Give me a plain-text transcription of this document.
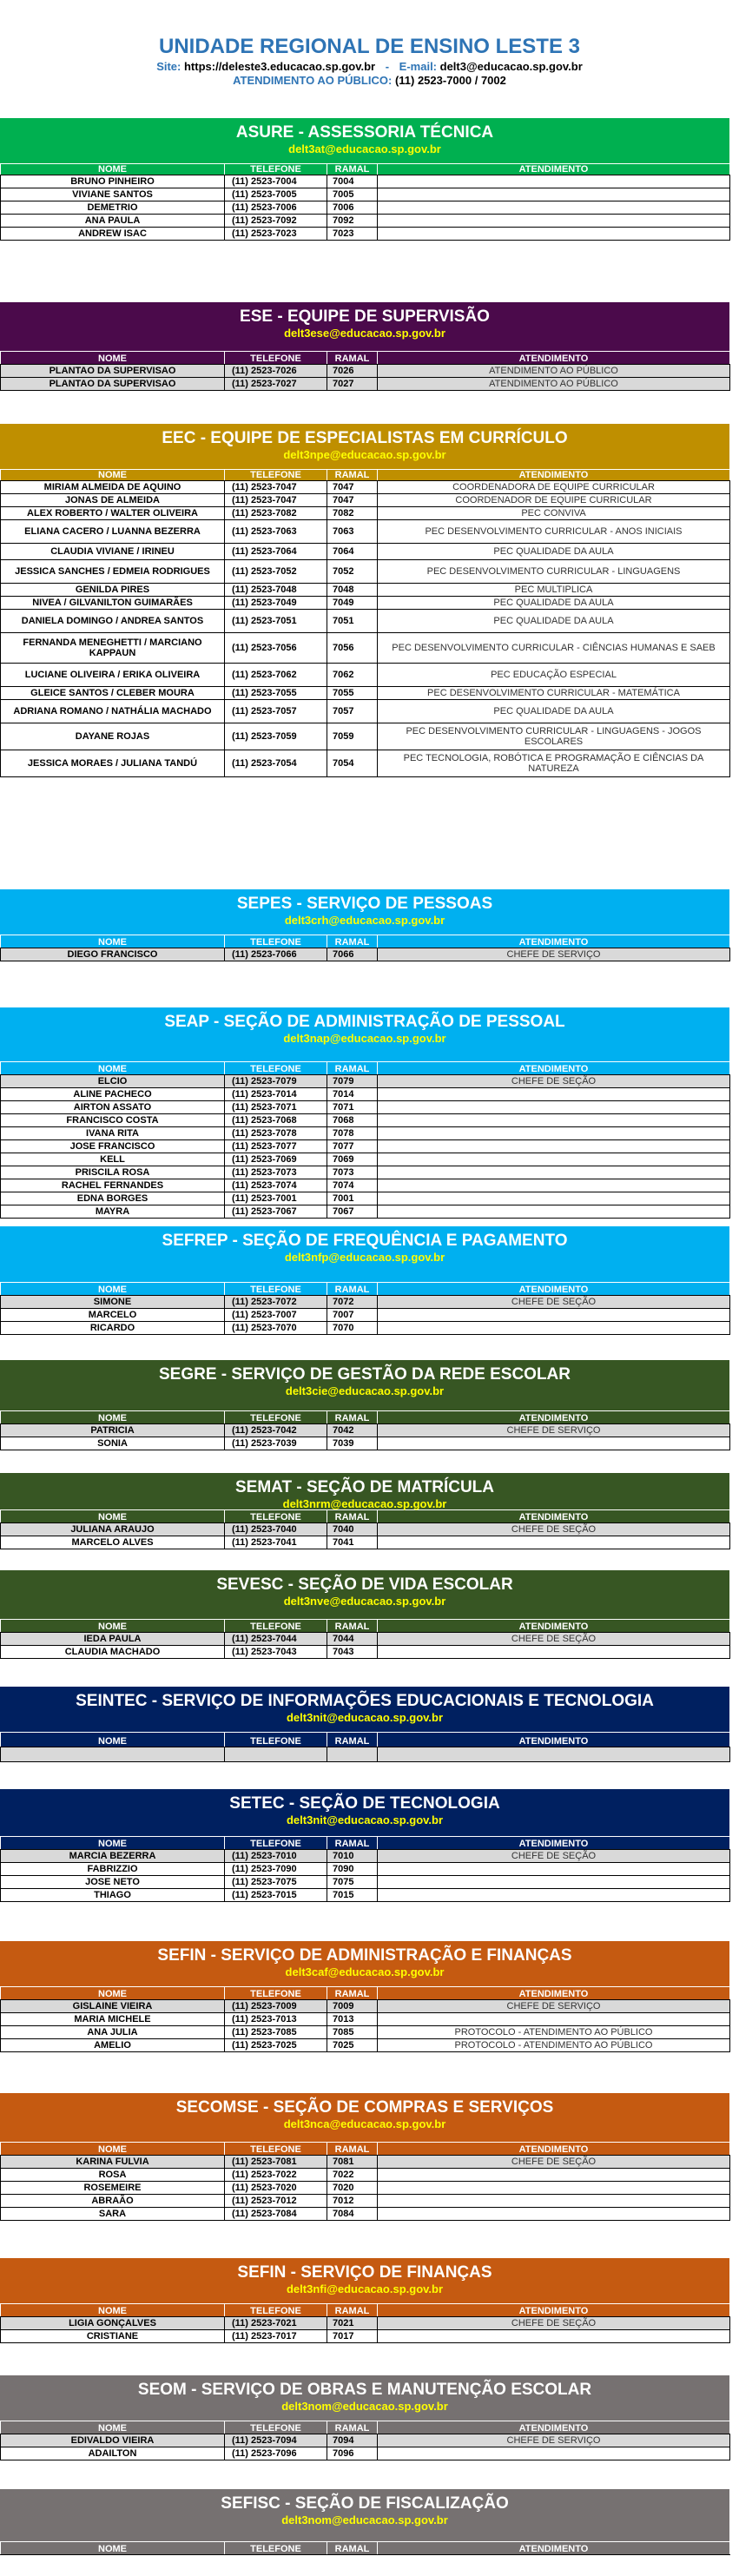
UNIDADE REGIONAL DE ENSINO LESTE 3
Site: https://deleste3.educacao.sp.gov.br - E-mail: delt3@educacao.sp.gov.br
ATENDIMENTO AO PÚBLICO: (11) 2523-7000 / 7002
ASURE - ASSESSORIA TÉCNICA
delt3at@educacao.sp.gov.br
NOME	TELEFONE	RAMAL	ATENDIMENTO
BRUNO PINHEIRO	(11) 2523-7004	7004	
VIVIANE SANTOS	(11) 2523-7005	7005	
DEMETRIO	(11) 2523-7006	7006	
ANA PAULA	(11) 2523-7092	7092	
ANDREW ISAC	(11) 2523-7023	7023	
ESE - EQUIPE DE SUPERVISÃO
delt3ese@educacao.sp.gov.br
NOME	TELEFONE	RAMAL	ATENDIMENTO
PLANTAO DA SUPERVISAO	(11) 2523-7026	7026	ATENDIMENTO AO PÚBLICO
PLANTAO DA SUPERVISAO	(11) 2523-7027	7027	ATENDIMENTO AO PÚBLICO
EEC - EQUIPE DE ESPECIALISTAS EM CURRÍCULO
delt3npe@educacao.sp.gov.br
NOME	TELEFONE	RAMAL	ATENDIMENTO
MIRIAM ALMEIDA DE AQUINO	(11) 2523-7047	7047	COORDENADORA DE EQUIPE CURRICULAR
JONAS DE ALMEIDA	(11) 2523-7047	7047	COORDENADOR DE EQUIPE CURRICULAR
ALEX ROBERTO / WALTER OLIVEIRA	(11) 2523-7082	7082	PEC CONVIVA
ELIANA CACERO / LUANNA BEZERRA	(11) 2523-7063	7063	PEC DESENVOLVIMENTO CURRICULAR - ANOS INICIAIS
CLAUDIA VIVIANE / IRINEU	(11) 2523-7064	7064	PEC QUALIDADE DA AULA
JESSICA SANCHES / EDMEIA RODRIGUES	(11) 2523-7052	7052	PEC DESENVOLVIMENTO CURRICULAR - LINGUAGENS
GENILDA PIRES	(11) 2523-7048	7048	PEC MULTIPLICA
NIVEA / GILVANILTON GUIMARÃES	(11) 2523-7049	7049	PEC QUALIDADE DA AULA
DANIELA DOMINGO / ANDREA SANTOS	(11) 2523-7051	7051	PEC QUALIDADE DA AULA
FERNANDA MENEGHETTI / MARCIANO KAPPAUN	(11) 2523-7056	7056	PEC DESENVOLVIMENTO CURRICULAR - CIÊNCIAS HUMANAS E SAEB
LUCIANE OLIVEIRA / ERIKA OLIVEIRA	(11) 2523-7062	7062	PEC EDUCAÇÃO ESPECIAL
GLEICE SANTOS / CLEBER MOURA	(11) 2523-7055	7055	PEC DESENVOLVIMENTO CURRICULAR - MATEMÁTICA
ADRIANA ROMANO / NATHÁLIA MACHADO	(11) 2523-7057	7057	PEC QUALIDADE DA AULA
DAYANE ROJAS	(11) 2523-7059	7059	PEC DESENVOLVIMENTO CURRICULAR - LINGUAGENS - JOGOS ESCOLARES
JESSICA MORAES / JULIANA TANDÚ	(11) 2523-7054	7054	PEC TECNOLOGIA, ROBÓTICA E PROGRAMAÇÃO E CIÊNCIAS DA NATUREZA
SEPES - SERVIÇO DE PESSOAS
delt3crh@educacao.sp.gov.br
NOME	TELEFONE	RAMAL	ATENDIMENTO
DIEGO FRANCISCO	(11) 2523-7066	7066	CHEFE DE SERVIÇO
SEAP - SEÇÃO DE ADMINISTRAÇÃO DE PESSOAL
delt3nap@educacao.sp.gov.br
NOME	TELEFONE	RAMAL	ATENDIMENTO
ELCIO	(11) 2523-7079	7079	CHEFE DE SEÇÃO
ALINE PACHECO	(11) 2523-7014	7014	
AIRTON ASSATO	(11) 2523-7071	7071	
FRANCISCO COSTA	(11) 2523-7068	7068	
IVANA RITA	(11) 2523-7078	7078	
JOSE FRANCISCO	(11) 2523-7077	7077	
KELL	(11) 2523-7069	7069	
PRISCILA ROSA	(11) 2523-7073	7073	
RACHEL FERNANDES	(11) 2523-7074	7074	
EDNA BORGES	(11) 2523-7001	7001	
MAYRA	(11) 2523-7067	7067	
SEFREP - SEÇÃO DE FREQUÊNCIA E PAGAMENTO
delt3nfp@educacao.sp.gov.br
NOME	TELEFONE	RAMAL	ATENDIMENTO
SIMONE	(11) 2523-7072	7072	CHEFE DE SEÇÃO
MARCELO	(11) 2523-7007	7007	
RICARDO	(11) 2523-7070	7070	
SEGRE - SERVIÇO DE GESTÃO DA REDE ESCOLAR
delt3cie@educacao.sp.gov.br
NOME	TELEFONE	RAMAL	ATENDIMENTO
PATRICIA	(11) 2523-7042	7042	CHEFE DE SERVIÇO
SONIA	(11) 2523-7039	7039	
SEMAT - SEÇÃO DE MATRÍCULA
delt3nrm@educacao.sp.gov.br
NOME	TELEFONE	RAMAL	ATENDIMENTO
JULIANA ARAUJO	(11) 2523-7040	7040	CHEFE DE SEÇÃO
MARCELO ALVES	(11) 2523-7041	7041	
SEVESC - SEÇÃO DE VIDA ESCOLAR
delt3nve@educacao.sp.gov.br
NOME	TELEFONE	RAMAL	ATENDIMENTO
IEDA PAULA	(11) 2523-7044	7044	CHEFE DE SEÇÃO
CLAUDIA MACHADO	(11) 2523-7043	7043	
SEINTEC - SERVIÇO DE INFORMAÇÕES EDUCACIONAIS E TECNOLOGIA
delt3nit@educacao.sp.gov.br
NOME	TELEFONE	RAMAL	ATENDIMENTO

SETEC - SEÇÃO DE TECNOLOGIA
delt3nit@educacao.sp.gov.br
NOME	TELEFONE	RAMAL	ATENDIMENTO
MARCIA BEZERRA	(11) 2523-7010	7010	CHEFE DE SEÇÃO
FABRIZZIO	(11) 2523-7090	7090	
JOSE NETO	(11) 2523-7075	7075	
THIAGO	(11) 2523-7015	7015	
SEFIN - SERVIÇO DE ADMINISTRAÇÃO E FINANÇAS
delt3caf@educacao.sp.gov.br
NOME	TELEFONE	RAMAL	ATENDIMENTO
GISLAINE VIEIRA	(11) 2523-7009	7009	CHEFE DE SERVIÇO
MARIA MICHELE	(11) 2523-7013	7013	
ANA JULIA	(11) 2523-7085	7085	PROTOCOLO - ATENDIMENTO AO PÚBLICO
AMELIO	(11) 2523-7025	7025	PROTOCOLO - ATENDIMENTO AO PÚBLICO
SECOMSE - SEÇÃO DE COMPRAS E SERVIÇOS
delt3nca@educacao.sp.gov.br
NOME	TELEFONE	RAMAL	ATENDIMENTO
KARINA FULVIA	(11) 2523-7081	7081	CHEFE DE SEÇÃO
ROSA	(11) 2523-7022	7022	
ROSEMEIRE	(11) 2523-7020	7020	
ABRAÃO	(11) 2523-7012	7012	
SARA	(11) 2523-7084	7084	
SEFIN - SERVIÇO DE FINANÇAS
delt3nfi@educacao.sp.gov.br
NOME	TELEFONE	RAMAL	ATENDIMENTO
LIGIA GONÇALVES	(11) 2523-7021	7021	CHEFE DE SEÇÃO
CRISTIANE	(11) 2523-7017	7017	
SEOM - SERVIÇO DE OBRAS E MANUTENÇÃO ESCOLAR
delt3nom@educacao.sp.gov.br
NOME	TELEFONE	RAMAL	ATENDIMENTO
EDIVALDO VIEIRA	(11) 2523-7094	7094	CHEFE DE SERVIÇO
ADAILTON	(11) 2523-7096	7096	
SEFISC - SEÇÃO DE FISCALIZAÇÃO
delt3nom@educacao.sp.gov.br
NOME	TELEFONE	RAMAL	ATENDIMENTO
